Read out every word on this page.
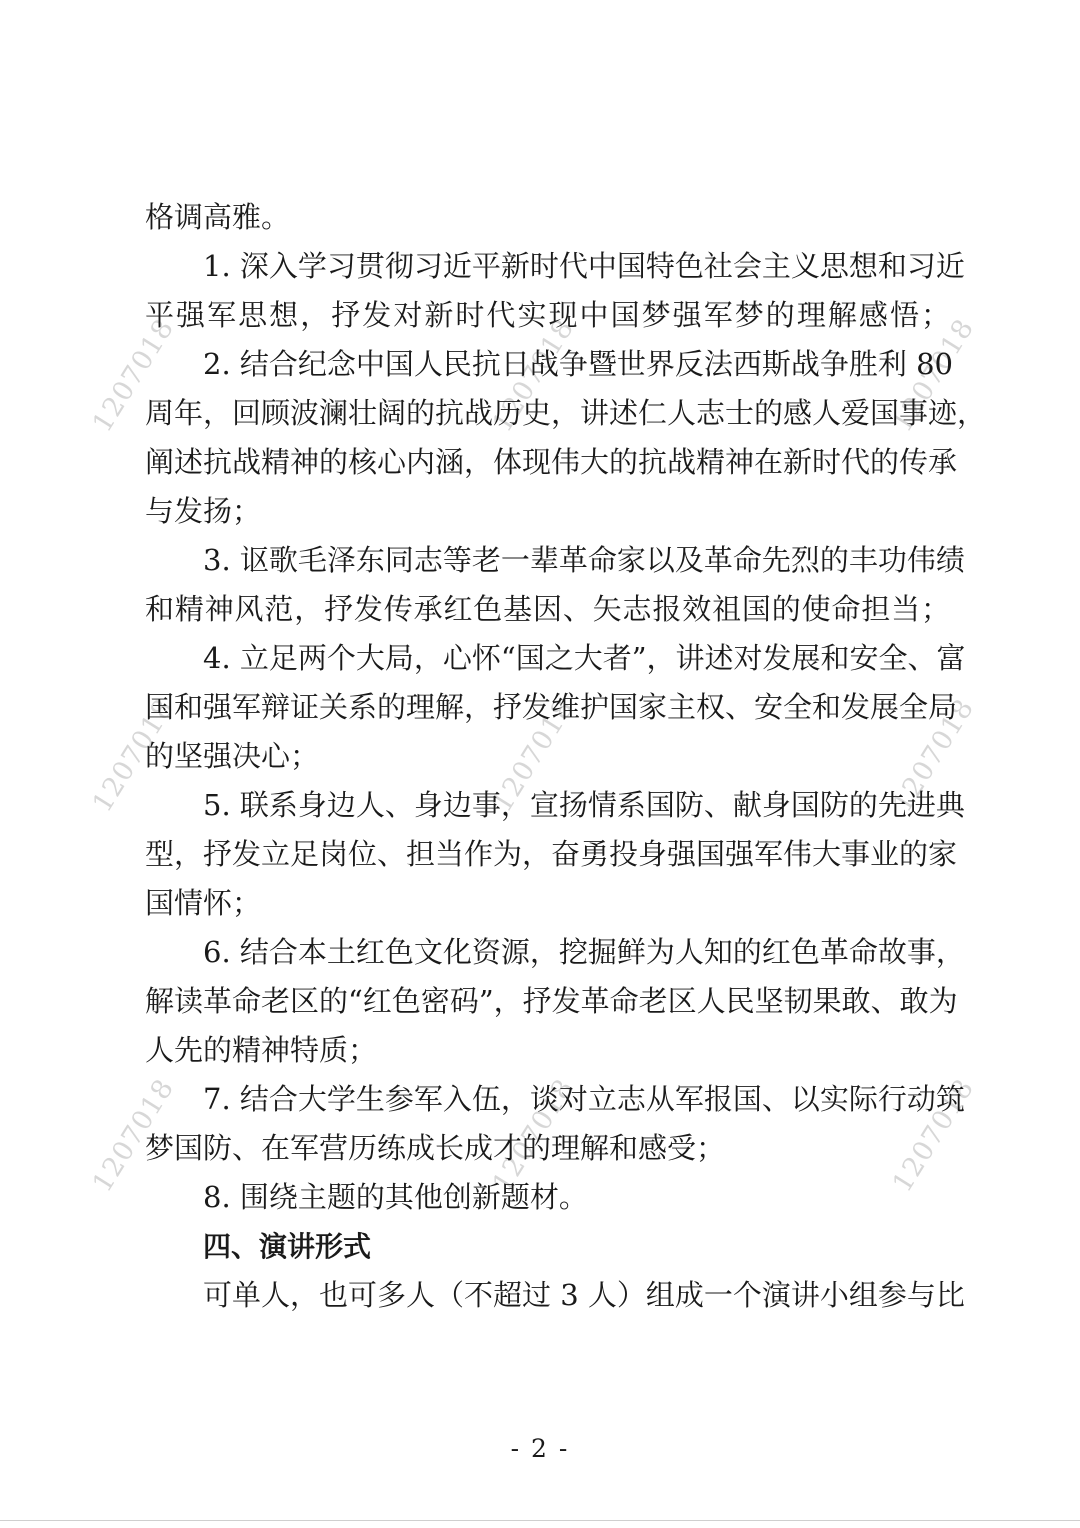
1207018	1207018	1207018
1207018	1207018	1207018
1207018	1207018	1207018
格调高雅。
1. 深入学习贯彻习近平新时代中国特色社会主义思想和习近
平强军思想，抒发对新时代实现中国梦强军梦的理解感悟；
2. 结合纪念中国人民抗日战争暨世界反法西斯战争胜利 80
周年，回顾波澜壮阔的抗战历史，讲述仁人志士的感人爱国事迹，
阐述抗战精神的核心内涵，体现伟大的抗战精神在新时代的传承
与发扬；
3. 讴歌毛泽东同志等老一辈革命家以及革命先烈的丰功伟绩
和精神风范，抒发传承红色基因、矢志报效祖国的使命担当；
4. 立足两个大局，心怀“国之大者”，讲述对发展和安全、富
国和强军辩证关系的理解，抒发维护国家主权、安全和发展全局
的坚强决心；
5. 联系身边人、身边事，宣扬情系国防、献身国防的先进典
型，抒发立足岗位、担当作为，奋勇投身强国强军伟大事业的家
国情怀；
6. 结合本土红色文化资源，挖掘鲜为人知的红色革命故事，
解读革命老区的“红色密码”，抒发革命老区人民坚韧果敢、敢为
人先的精神特质；
7. 结合大学生参军入伍，谈对立志从军报国、以实际行动筑
梦国防、在军营历练成长成才的理解和感受；
8. 围绕主题的其他创新题材。
四、演讲形式
可单人，也可多人（不超过 3 人）组成一个演讲小组参与比
- 2 -
